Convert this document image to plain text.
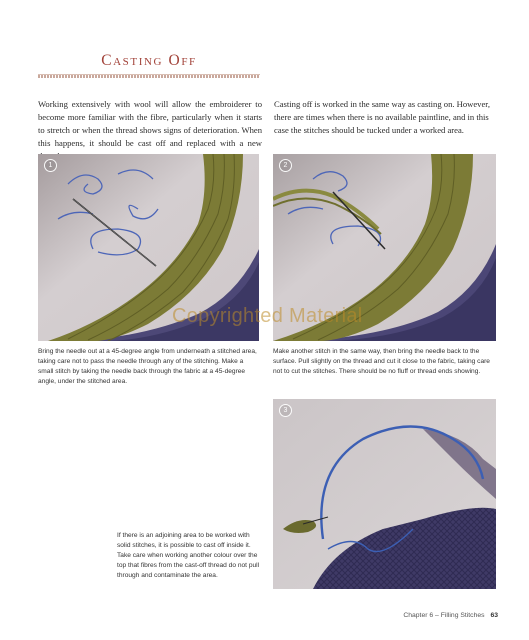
Casting Off

Working extensively with wool will allow the embroiderer to become more familiar with the fibre, particularly when it starts to stretch or when the thread shows signs of deterioration. When this happens, it should be cast off and replaced with a new

Casting off is worked in the same way as casting on. However, there are times when there is no available paintline, and in this case the stitches should be tucked under a worked area.

1	2
Copyrighted Material

Bring the needle out at a 45-degree angle from underneath a stitched area, taking care not to pass the needle through any of the stitching. Make a small stitch by taking the needle back through the fabric at a 45-degree angle, under the stitched area.

Make another stitch in the same way, then bring the needle back to the surface. Pull slightly on the thread and cut it close to the fabric, taking care not to cut the stitches. There should be no fluff or thread ends showing.

3

If there is an adjoining area to be worked with solid stitches, it is possible to cast off inside it. Take care when working another colour over the top that fibres from the cast-off thread do not pull through and contaminate the area.

Chapter 6 – Filling Stitches 63
